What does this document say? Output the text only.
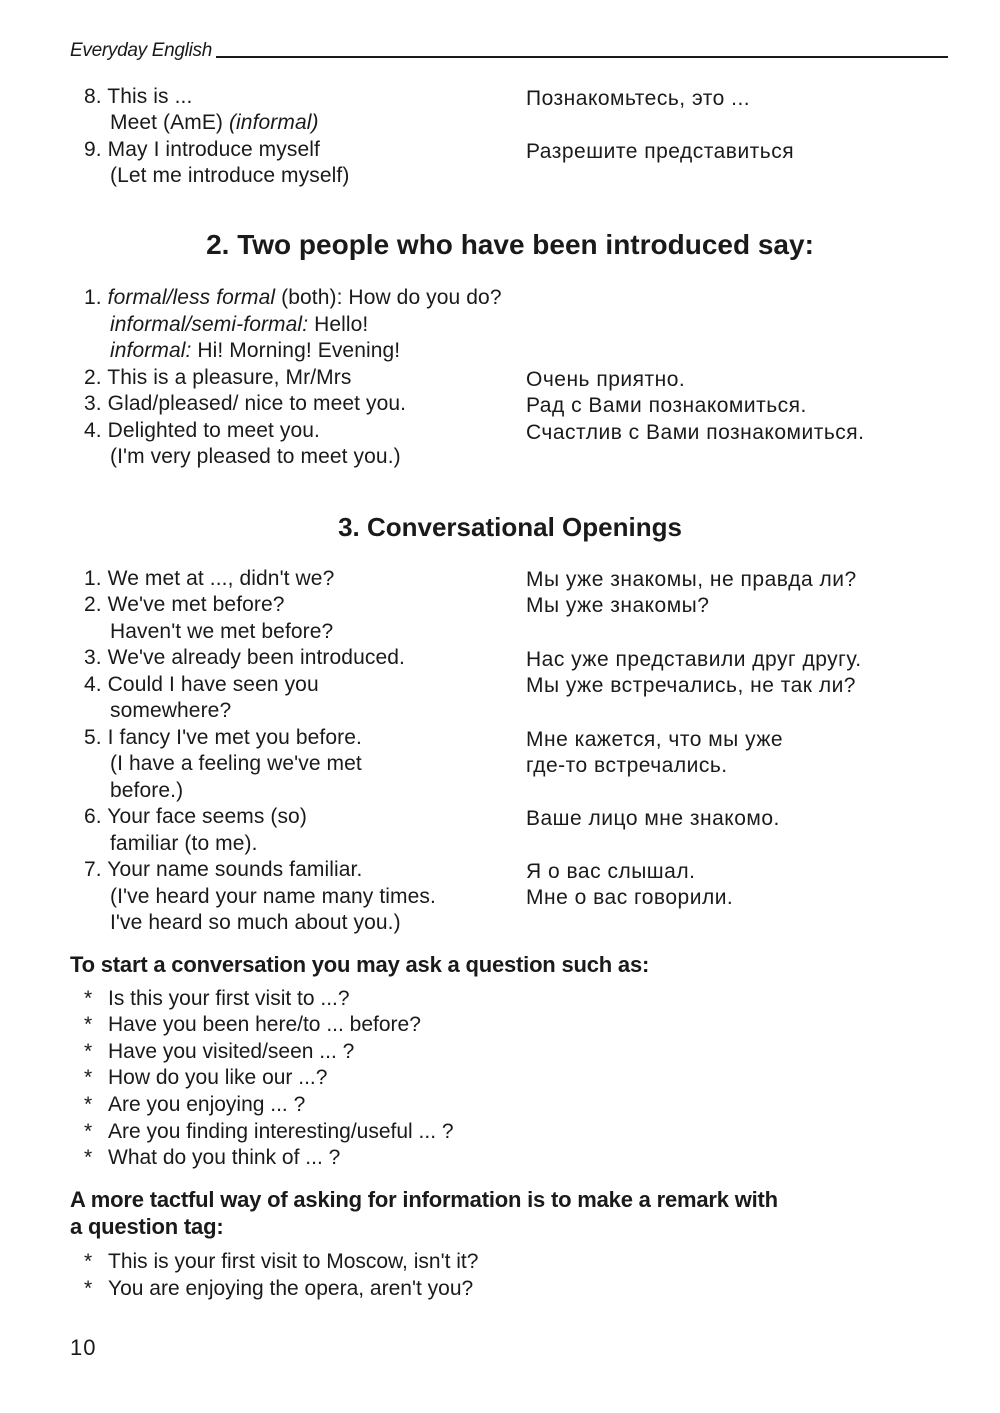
Everyday English
8. This is ...	Познакомьтесь, это ...
Meet (AmE) (informal)
9. May I introduce myself	Разрешите представиться
(Let me introduce myself)
2. Two people who have been introduced say:
1. formal/less formal (both): How do you do?
informal/semi-formal: Hello!
informal: Hi! Morning! Evening!
2. This is a pleasure, Mr/Mrs	Очень приятно.
3. Glad/pleased/ nice to meet you.	Рад с Вами познакомиться.
4. Delighted to meet you.	Счастлив с Вами познакомиться.
(I'm very pleased to meet you.)
3. Conversational Openings
1. We met at ..., didn't we?	Мы уже знакомы, не правда ли?
2. We've met before?	Мы уже знакомы?
Haven't we met before?
3. We've already been introduced.	Нас уже представили друг другу.
4. Could I have seen you	Мы уже встречались, не так ли?
somewhere?
5. I fancy I've met you before.	Мне кажется, что мы уже
(I have a feeling we've met	где-то встречались.
before.)
6. Your face seems (so)	Ваше лицо мне знакомо.
familiar (to me).
7. Your name sounds familiar.	Я о вас слышал.
(I've heard your name many times.	Мне о вас говорили.
I've heard so much about you.)
To start a conversation you may ask a question such as:
* Is this your first visit to ...?
* Have you been here/to ... before?
* Have you visited/seen ... ?
* How do you like our ...?
* Are you enjoying ... ?
* Are you finding interesting/useful ... ?
* What do you think of ... ?
A more tactful way of asking for information is to make a remark with
a question tag:
* This is your first visit to Moscow, isn't it?
* You are enjoying the opera, aren't you?
10
